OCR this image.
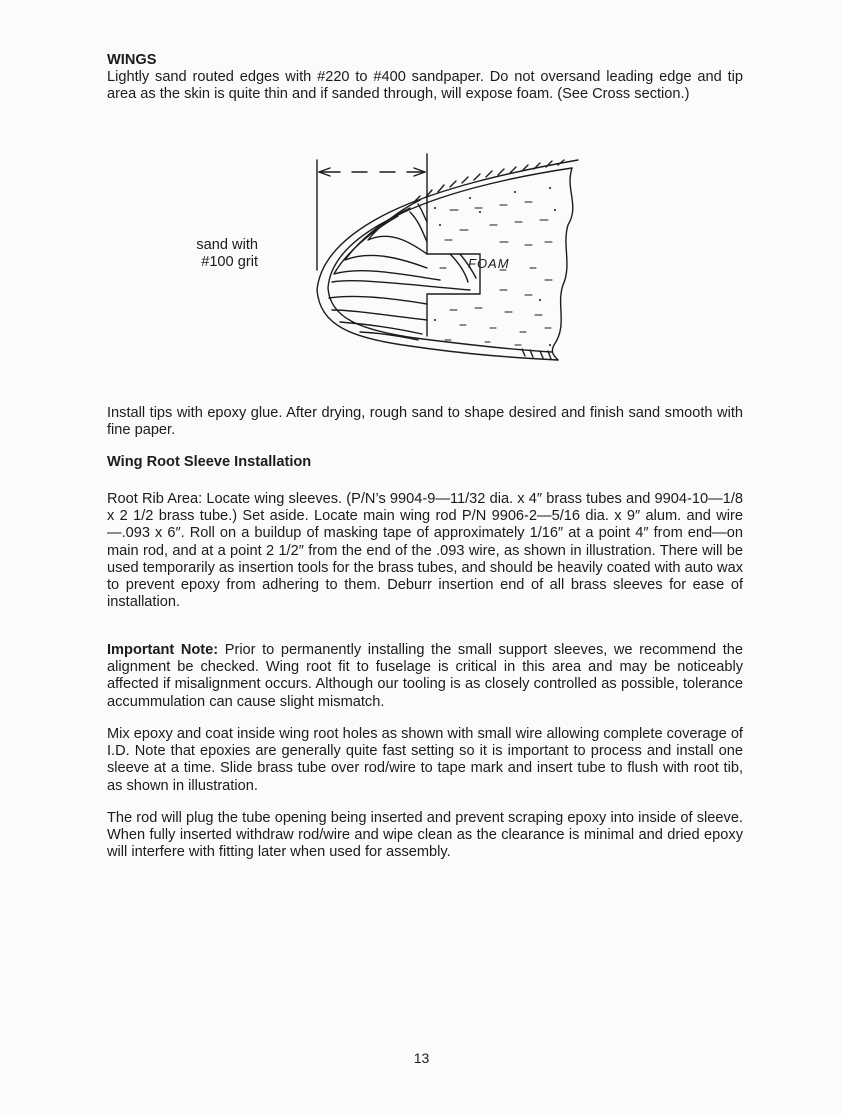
WINGS

Lightly sand routed edges with #220 to #400 sandpaper. Do not oversand leading edge and tip area as the skin is quite thin and if sanded through, will expose foam. (See Cross section.)

sand with
#100 grit	FOAM

Install tips with epoxy glue. After drying, rough sand to shape desired and finish sand smooth with fine paper.

Wing Root Sleeve Installation

Root Rib Area: Locate wing sleeves. (P/N’s 9904-9—11/32 dia. x 4″ brass tubes and 9904-10—1/8 x 2 1/2 brass tube.) Set aside. Locate main wing rod P/N 9906-2—5/16 dia. x 9″ alum. and wire—.093 x 6″. Roll on a buildup of masking tape of approximately 1/16″ at a point 4″ from end—on main rod, and at a point 2 1/2″ from the end of the .093 wire, as shown in illustration. There will be used temporarily as insertion tools for the brass tubes, and should be heavily coated with auto wax to prevent epoxy from adhering to them. Deburr insertion end of all brass sleeves for ease of installation.

Important Note: Prior to permanently installing the small support sleeves, we recommend the alignment be checked. Wing root fit to fuselage is critical in this area and may be noticeably affected if misalignment occurs. Although our tooling is as closely controlled as possible, tolerance accummulation can cause slight mismatch.

Mix epoxy and coat inside wing root holes as shown with small wire allowing complete coverage of I.D. Note that epoxies are generally quite fast setting so it is important to process and install one sleeve at a time. Slide brass tube over rod/wire to tape mark and insert tube to flush with root tib, as shown in illustration.

The rod will plug the tube opening being inserted and prevent scraping epoxy into inside of sleeve. When fully inserted withdraw rod/wire and wipe clean as the clearance is minimal and dried epoxy will interfere with fitting later when used for assembly.

13
